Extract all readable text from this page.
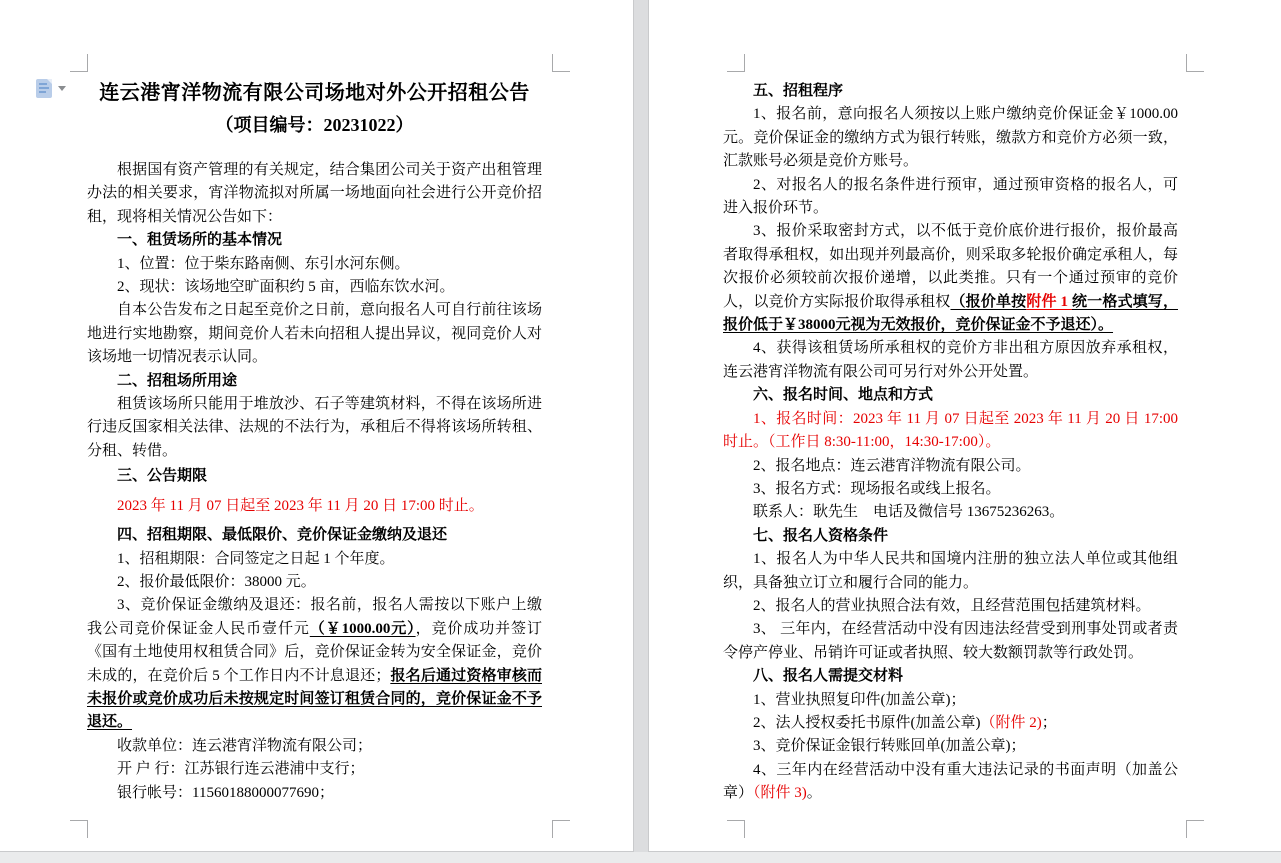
连云港宵洋物流有限公司场地对外公开招租公告
（项目编号：20231022）

根据国有资产管理的有关规定，结合集团公司关于资产出租管理办法的相关要求，宵洋物流拟对所属一场地面向社会进行公开竞价招租，现将相关情况公告如下：

一、租赁场所的基本情况

1、位置：位于柴东路南侧、东引水河东侧。

2、现状：该场地空旷面积约 5 亩，西临东饮水河。

自本公告发布之日起至竞价之日前，意向报名人可自行前往该场地进行实地勘察，期间竞价人若未向招租人提出异议，视同竞价人对该场地一切情况表示认同。

二、招租场所用途

租赁该场所只能用于堆放沙、石子等建筑材料，不得在该场所进行违反国家相关法律、法规的不法行为，承租后不得将该场所转租、分租、转借。

三、公告期限

2023 年 11 月 07 日起至 2023 年 11 月 20 日 17:00 时止。

四、招租期限、最低限价、竞价保证金缴纳及退还

1、招租期限：合同签定之日起 1 个年度。

2、报价最低限价：38000 元。

3、竞价保证金缴纳及退还：报名前，报名人需按以下账户上缴我公司竞价保证金人民币壹仟元（￥1000.00元），竞价成功并签订《国有土地使用权租赁合同》后，竞价保证金转为安全保证金，竞价未成的，在竞价后 5 个工作日内不计息退还；报名后通过资格审核而未报价或竞价成功后未按规定时间签订租赁合同的，竞价保证金不予退还。

收款单位：连云港宵洋物流有限公司；

开 户 行：江苏银行连云港浦中支行；

银行帐号：11560188000077690；

五、招租程序

1、报名前，意向报名人须按以上账户缴纳竞价保证金￥1000.00元。竞价保证金的缴纳方式为银行转账，缴款方和竞价方必须一致，汇款账号必须是竞价方账号。

2、对报名人的报名条件进行预审，通过预审资格的报名人，可进入报价环节。

3、报价采取密封方式，以不低于竞价底价进行报价，报价最高者取得承租权，如出现并列最高价，则采取多轮报价确定承租人，每次报价必须较前次报价递增，以此类推。只有一个通过预审的竞价人，以竞价方实际报价取得承租权（报价单按附件 1 统一格式填写，报价低于￥38000元视为无效报价，竞价保证金不予退还）。

4、获得该租赁场所承租权的竞价方非出租方原因放弃承租权，连云港宵洋物流有限公司可另行对外公开处置。

六、报名时间、地点和方式

1、报名时间：2023 年 11 月 07 日起至 2023 年 11 月 20 日 17:00 时止。（工作日 8:30-11:00，14:30-17:00）。

2、报名地点：连云港宵洋物流有限公司。

3、报名方式：现场报名或线上报名。

联系人：耿先生　电话及微信号 13675236263。

七、报名人资格条件

1、报名人为中华人民共和国境内注册的独立法人单位或其他组织，具备独立订立和履行合同的能力。

2、报名人的营业执照合法有效，且经营范围包括建筑材料。

3、 三年内，在经营活动中没有因违法经营受到刑事处罚或者责令停产停业、吊销许可证或者执照、较大数额罚款等行政处罚。

八、报名人需提交材料

1、营业执照复印件(加盖公章)；

2、法人授权委托书原件(加盖公章)（附件 2)；

3、竞价保证金银行转账回单(加盖公章)；

4、三年内在经营活动中没有重大违法记录的书面声明（加盖公章）（附件 3)。
